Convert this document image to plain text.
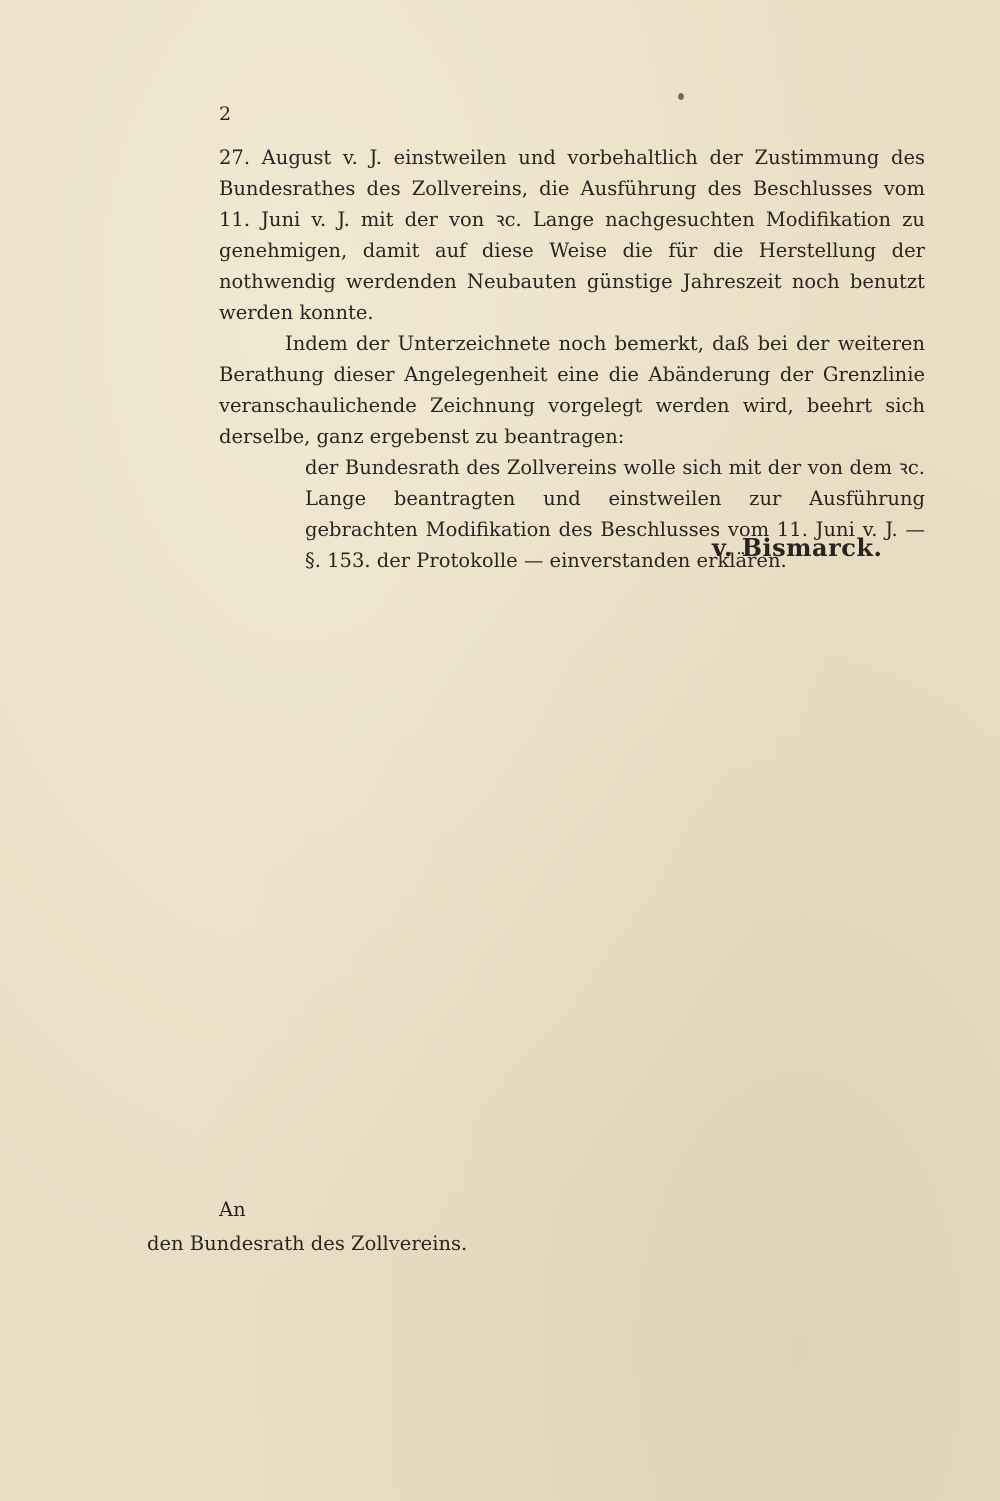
2

27. August v. J. einstweilen und vorbehaltlich der Zustimmung des Bundesrathes des Zollvereins, die Ausführung des Beschlusses vom 11. Juni v. J. mit der von ꝛc. Lange nachgesuchten Modifikation zu genehmigen, damit auf diese Weise die für die Herstellung der nothwendig werdenden Neubauten günstige Jahreszeit noch benutzt werden konnte.

Indem der Unterzeichnete noch bemerkt, daß bei der weiteren Berathung dieser Angelegenheit eine die Abänderung der Grenzlinie veranschaulichende Zeichnung vorgelegt werden wird, beehrt sich derselbe, ganz ergebenst zu beantragen:

der Bundesrath des Zollvereins wolle sich mit der von dem ꝛc. Lange beantragten und einstweilen zur Ausführung gebrachten Modifikation des Beschlusses vom 11. Juni v. J. — §. 153. der Protokolle — einverstanden erklären.

v. Bismarck.
An
den Bundesrath des Zollvereins.
